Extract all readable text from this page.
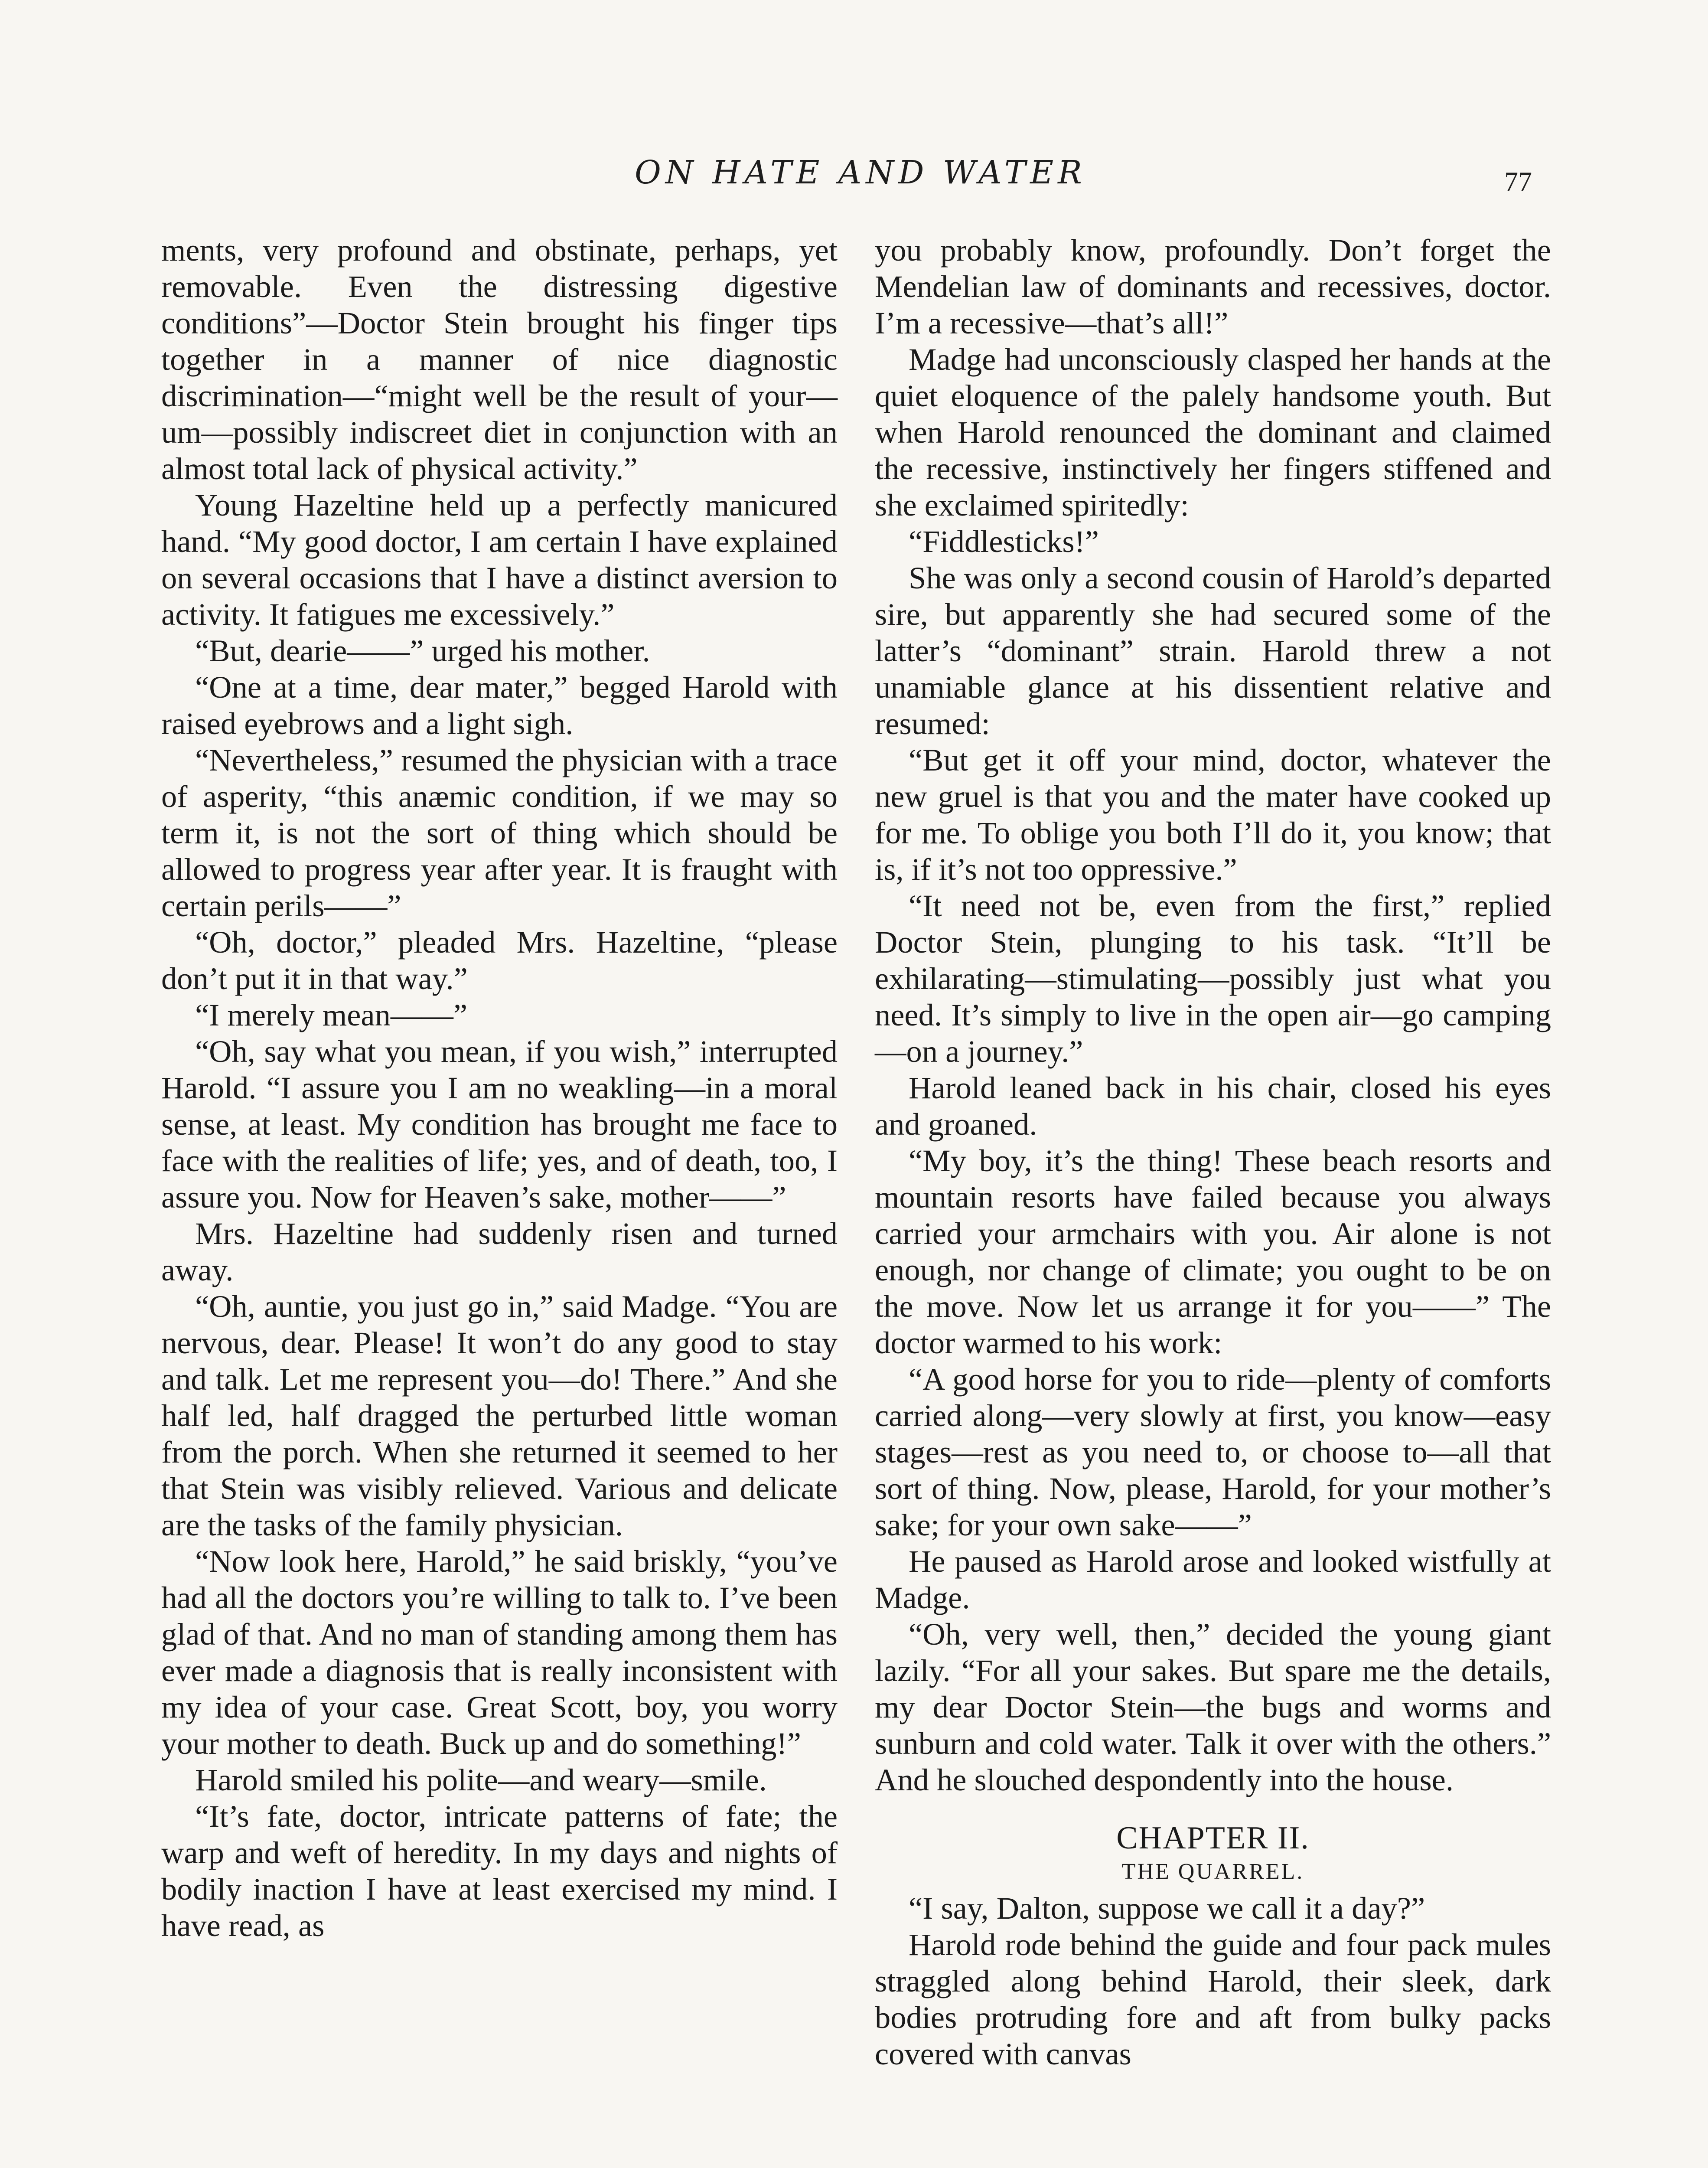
ON HATE AND WATER	77

ments, very profound and obstinate, perhaps, yet removable. Even the distressing digestive conditions”—Doctor Stein brought his finger tips together in a manner of nice diagnostic discrimination—“might well be the result of your—um—possibly indiscreet diet in conjunction with an almost total lack of physical activity.”

Young Hazeltine held up a perfectly manicured hand. “My good doctor, I am certain I have explained on several occasions that I have a distinct aversion to activity. It fatigues me excessively.”

“But, dearie——” urged his mother.

“One at a time, dear mater,” begged Harold with raised eyebrows and a light sigh.

“Nevertheless,” resumed the physician with a trace of asperity, “this anæmic condition, if we may so term it, is not the sort of thing which should be allowed to progress year after year. It is fraught with certain perils——”

“Oh, doctor,” pleaded Mrs. Hazeltine, “please don’t put it in that way.”

“I merely mean——”

“Oh, say what you mean, if you wish,” interrupted Harold. “I assure you I am no weakling—in a moral sense, at least. My condition has brought me face to face with the realities of life; yes, and of death, too, I assure you. Now for Heaven’s sake, mother——”

Mrs. Hazeltine had suddenly risen and turned away.

“Oh, auntie, you just go in,” said Madge. “You are nervous, dear. Please! It won’t do any good to stay and talk. Let me represent you—do! There.” And she half led, half dragged the perturbed little woman from the porch. When she returned it seemed to her that Stein was visibly relieved. Various and delicate are the tasks of the family physician.

“Now look here, Harold,” he said briskly, “you’ve had all the doctors you’re willing to talk to. I’ve been glad of that. And no man of standing among them has ever made a diagnosis that is really inconsistent with my idea of your case. Great Scott, boy, you worry your mother to death. Buck up and do something!”

Harold smiled his polite—and weary—smile.

“It’s fate, doctor, intricate patterns of fate; the warp and weft of heredity. In my days and nights of bodily inaction I have at least exercised my mind. I have read, as

you probably know, profoundly. Don’t forget the Mendelian law of dominants and recessives, doctor. I’m a recessive—that’s all!”

Madge had unconsciously clasped her hands at the quiet eloquence of the palely handsome youth. But when Harold renounced the dominant and claimed the recessive, instinctively her fingers stiffened and she exclaimed spiritedly:

“Fiddlesticks!”

She was only a second cousin of Harold’s departed sire, but apparently she had secured some of the latter’s “dominant” strain. Harold threw a not unamiable glance at his dissentient relative and resumed:

“But get it off your mind, doctor, whatever the new gruel is that you and the mater have cooked up for me. To oblige you both I’ll do it, you know; that is, if it’s not too oppressive.”

“It need not be, even from the first,” replied Doctor Stein, plunging to his task. “It’ll be exhilarating—stimulating—possibly just what you need. It’s simply to live in the open air—go camping—on a journey.”

Harold leaned back in his chair, closed his eyes and groaned.

“My boy, it’s the thing! These beach resorts and mountain resorts have failed because you always carried your armchairs with you. Air alone is not enough, nor change of climate; you ought to be on the move. Now let us arrange it for you——” The doctor warmed to his work:

“A good horse for you to ride—plenty of comforts carried along—very slowly at first, you know—easy stages—rest as you need to, or choose to—all that sort of thing. Now, please, Harold, for your mother’s sake; for your own sake——”

He paused as Harold arose and looked wistfully at Madge.

“Oh, very well, then,” decided the young giant lazily. “For all your sakes. But spare me the details, my dear Doctor Stein—the bugs and worms and sunburn and cold water. Talk it over with the others.” And he slouched despondently into the house.

CHAPTER II.
THE QUARREL.

“I say, Dalton, suppose we call it a day?”

Harold rode behind the guide and four pack mules straggled along behind Harold, their sleek, dark bodies protruding fore and aft from bulky packs covered with canvas
